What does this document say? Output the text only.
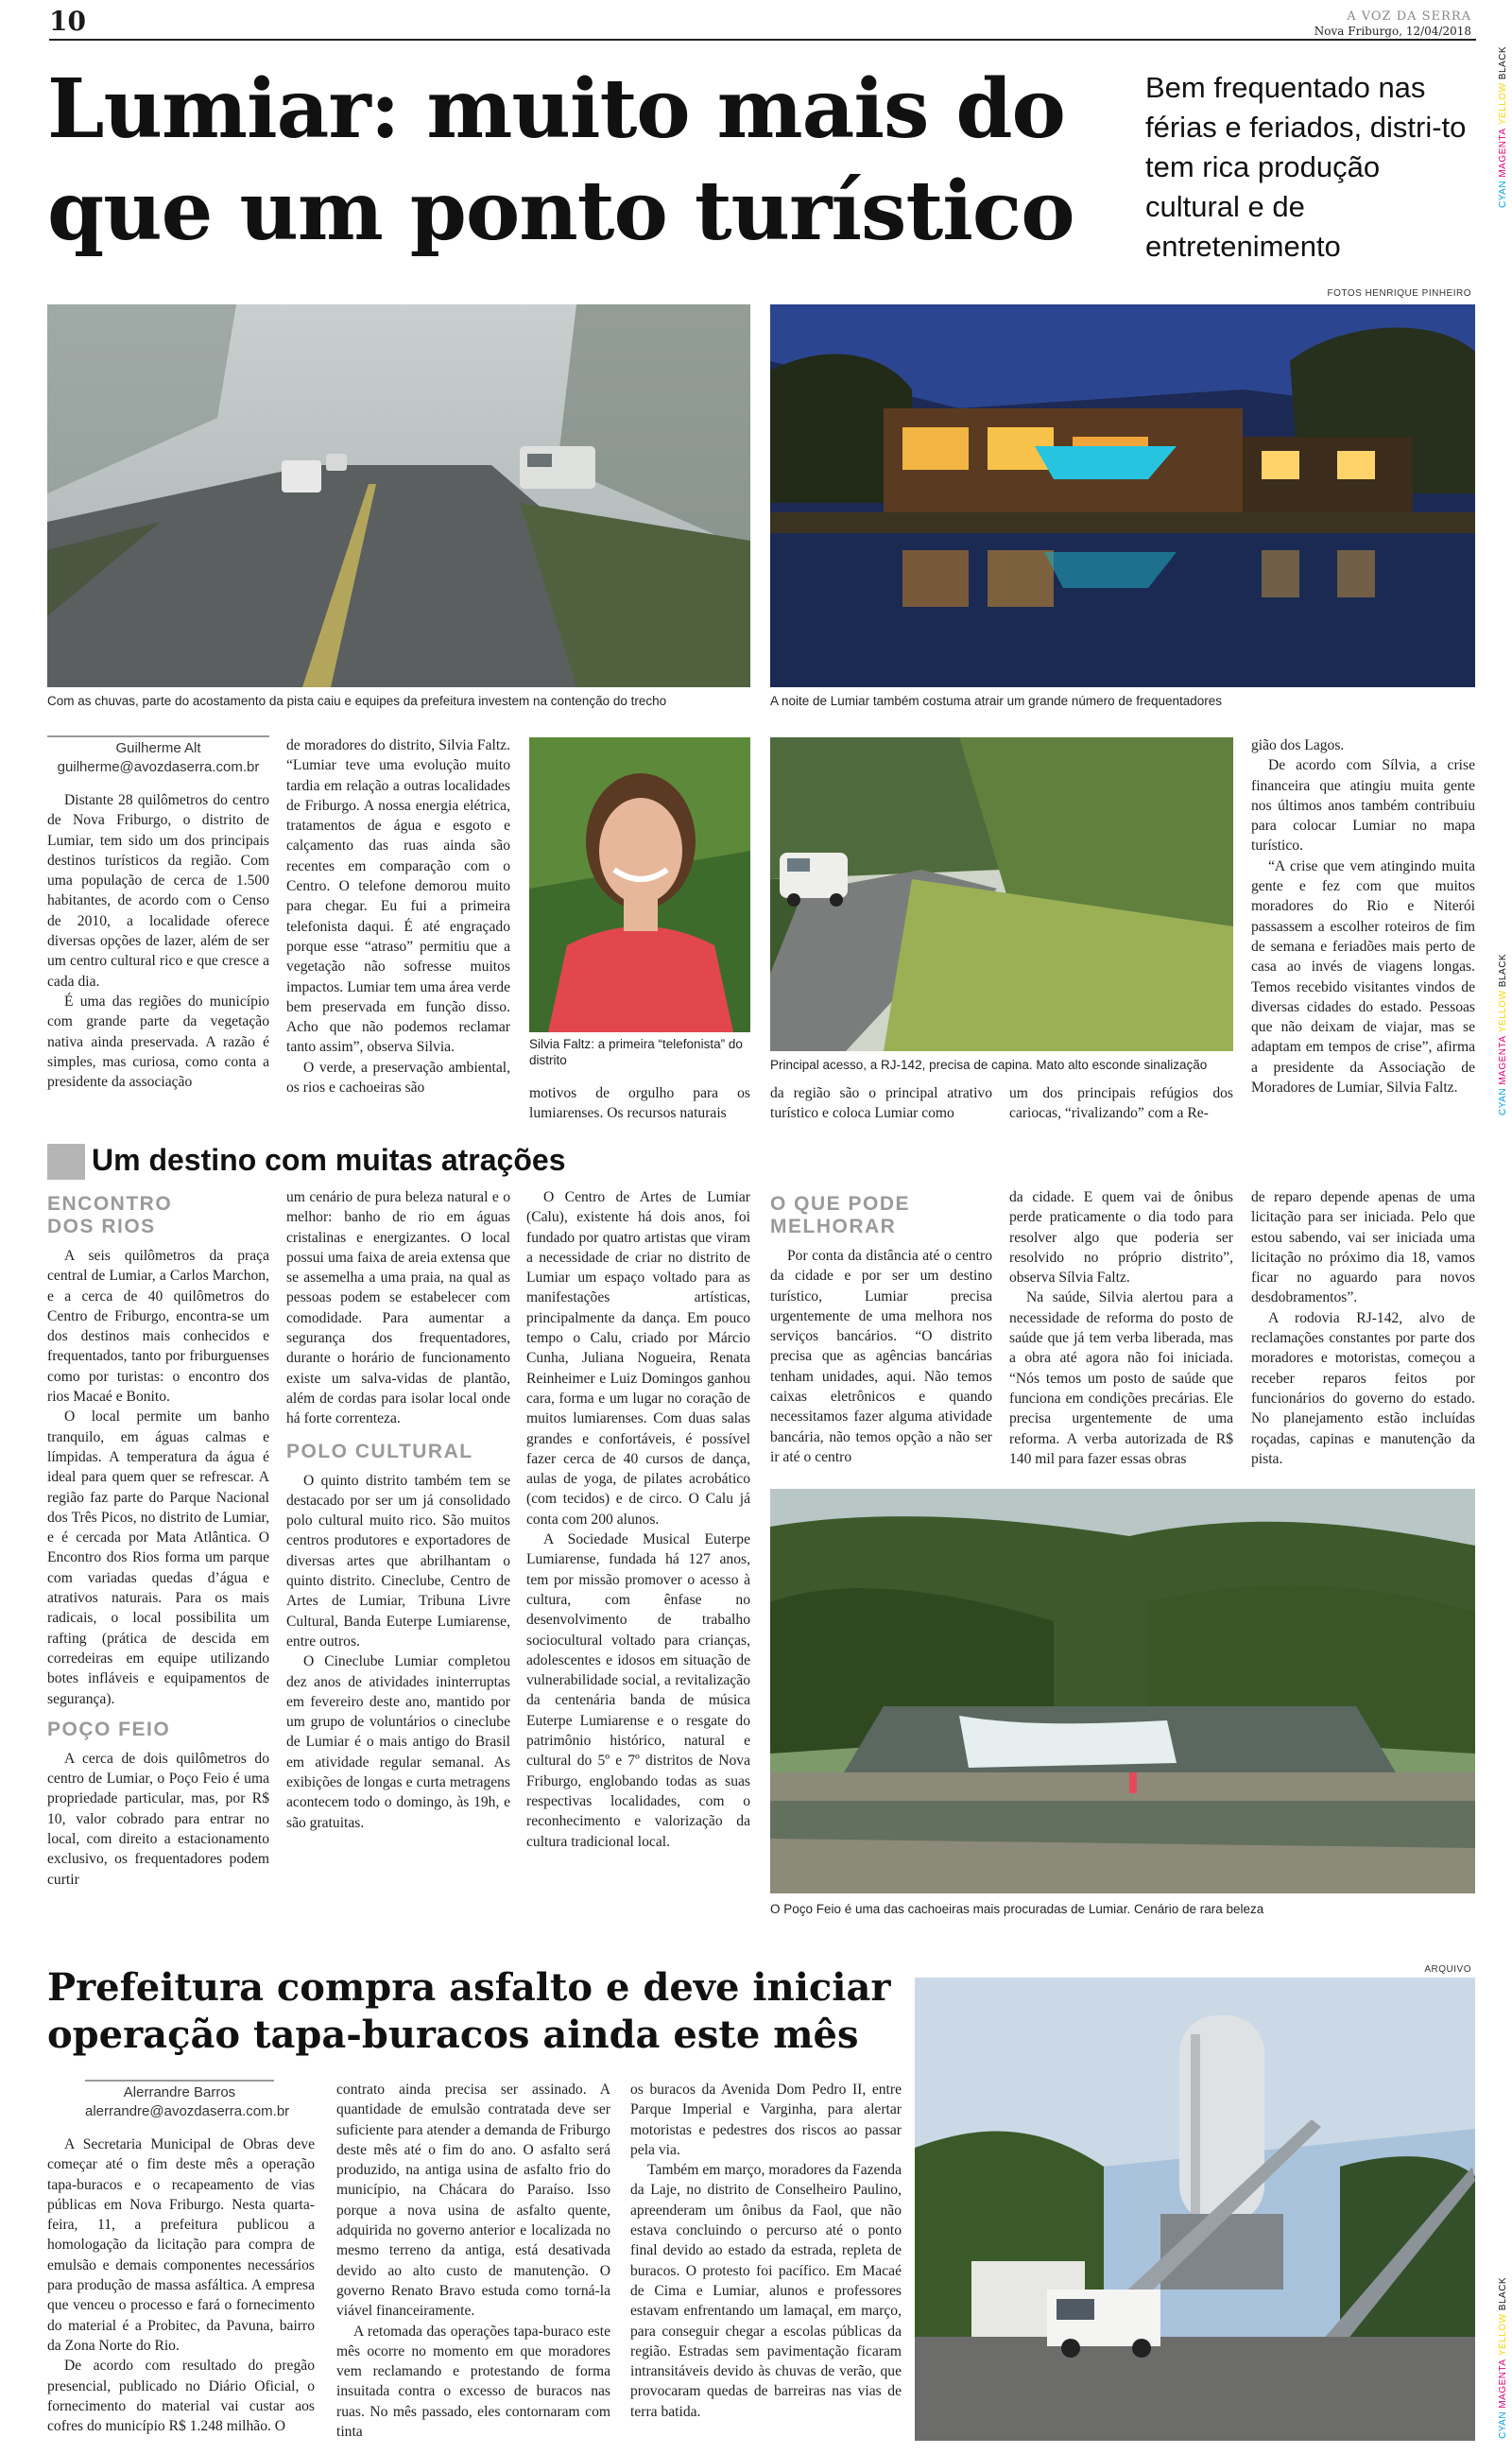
10	A VOZ DA SERRA
Nova Friburgo, 12/04/2018
CYAN MAGENTA YELLOW BLACK
CYAN MAGENTA YELLOW BLACK
CYAN MAGENTA YELLOW BLACK
Lumiar: muito mais do
que um ponto turístico
Bem frequentado nas férias e feriados, distri-to tem rica produção cultural e de entretenimento
FOTOS HENRIQUE PINHEIRO
Com as chuvas, parte do acostamento da pista caiu e equipes da prefeitura investem na contenção do trecho	A noite de Lumiar também costuma atrair um grande número de frequentadores
Guilherme Alt
guilherme@avozdaserra.com.br

Distante 28 quilômetros do centro de Nova Friburgo, o distrito de Lumiar, tem sido um dos principais destinos turísticos da região. Com uma população de cerca de 1.500 habitantes, de acordo com o Censo de 2010, a localidade oferece diversas opções de lazer, além de ser um centro cultural rico e que cresce a cada dia.

É uma das regiões do município com grande parte da vegetação nativa ainda preservada. A razão é simples, mas curiosa, como conta a presidente da associação

de moradores do distrito, Silvia Faltz. “Lumiar teve uma evolução muito tardia em relação a outras localidades de Friburgo. A nossa energia elétrica, tratamentos de água e esgoto e calçamento das ruas ainda são recentes em comparação com o Centro. O telefone demorou muito para chegar. Eu fui a primeira telefonista daqui. É até engraçado porque esse “atraso” permitiu que a vegetação não sofresse muitos impactos. Lumiar tem uma área verde bem preservada em função disso. Acho que não podemos reclamar tanto assim”, observa Silvia.

O verde, a preservação ambiental, os rios e cachoeiras são

Silvia Faltz: a primeira “telefonista” do distrito

motivos de orgulho para os lumiarenses. Os recursos naturais

Principal acesso, a RJ-142, precisa de capina. Mato alto esconde sinalização

da região são o principal atrativo turístico e coloca Lumiar como

um dos principais refúgios dos cariocas, “rivalizando” com a Re-

gião dos Lagos.

De acordo com Sílvia, a crise financeira que atingiu muita gente nos últimos anos também contribuiu para colocar Lumiar no mapa turístico.

“A crise que vem atingindo muita gente e fez com que muitos moradores do Rio e Niterói passassem a escolher roteiros de fim de semana e feriadões mais perto de casa ao invés de viagens longas. Temos recebido visitantes vindos de diversas cidades do estado. Pessoas que não deixam de viajar, mas se adaptam em tempos de crise”, afirma a presidente da Associação de Moradores de Lumiar, Silvia Faltz.

Um destino com muitas atrações
ENCONTRO DOS RIOS

A seis quilômetros da praça central de Lumiar, a Carlos Marchon, e a cerca de 40 quilômetros do Centro de Friburgo, encontra-se um dos destinos mais conhecidos e frequentados, tanto por friburguenses como por turistas: o encontro dos rios Macaé e Bonito.

O local permite um banho tranquilo, em águas calmas e límpidas. A temperatura da água é ideal para quem quer se refrescar. A região faz parte do Parque Nacional dos Três Picos, no distrito de Lumiar, e é cercada por Mata Atlântica. O Encontro dos Rios forma um parque com variadas quedas d’água e atrativos naturais. Para os mais radicais, o local possibilita um rafting (prática de descida em corredeiras em equipe utilizando botes infláveis e equipamentos de segurança).

POÇO FEIO

A cerca de dois quilômetros do centro de Lumiar, o Poço Feio é uma propriedade particular, mas, por R$ 10, valor cobrado para entrar no local, com direito a estacionamento exclusivo, os frequentadores podem curtir

um cenário de pura beleza natural e o melhor: banho de rio em águas cristalinas e energizantes. O local possui uma faixa de areia extensa que se assemelha a uma praia, na qual as pessoas podem se estabelecer com comodidade. Para aumentar a segurança dos frequentadores, durante o horário de funcionamento existe um salva-vidas de plantão, além de cordas para isolar local onde há forte correnteza.

POLO CULTURAL

O quinto distrito também tem se destacado por ser um já consolidado polo cultural muito rico. São muitos centros produtores e exportadores de diversas artes que abrilhantam o quinto distrito. Cineclube, Centro de Artes de Lumiar, Tribuna Livre Cultural, Banda Euterpe Lumiarense, entre outros.

O Cineclube Lumiar completou dez anos de atividades ininterruptas em fevereiro deste ano, mantido por um grupo de voluntários o cineclube de Lumiar é o mais antigo do Brasil em atividade regular semanal. As exibições de longas e curta metragens acontecem todo o domingo, às 19h, e são gratuitas.

O Centro de Artes de Lumiar (Calu), existente há dois anos, foi fundado por quatro artistas que viram a necessidade de criar no distrito de Lumiar um espaço voltado para as manifestações artísticas, principalmente da dança. Em pouco tempo o Calu, criado por Márcio Cunha, Juliana Nogueira, Renata Reinheimer e Luiz Domingos ganhou cara, forma e um lugar no coração de muitos lumiarenses. Com duas salas grandes e confortáveis, é possível fazer cerca de 40 cursos de dança, aulas de yoga, de pilates acrobático (com tecidos) e de circo. O Calu já conta com 200 alunos.

A Sociedade Musical Euterpe Lumiarense, fundada há 127 anos, tem por missão promover o acesso à cultura, com ênfase no desenvolvimento de trabalho sociocultural voltado para crianças, adolescentes e idosos em situação de vulnerabilidade social, a revitalização da centenária banda de música Euterpe Lumiarense e o resgate do patrimônio histórico, natural e cultural do 5º e 7º distritos de Nova Friburgo, englobando todas as suas respectivas localidades, com o reconhecimento e valorização da cultura tradicional local.

O QUE PODE MELHORAR

Por conta da distância até o centro da cidade e por ser um destino turístico, Lumiar precisa urgentemente de uma melhora nos serviços bancários. “O distrito precisa que as agências bancárias tenham unidades, aqui. Não temos caixas eletrônicos e quando necessitamos fazer alguma atividade bancária, não temos opção a não ser ir até o centro

da cidade. E quem vai de ônibus perde praticamente o dia todo para resolver algo que poderia ser resolvido no próprio distrito”, observa Sílvia Faltz.

Na saúde, Silvia alertou para a necessidade de reforma do posto de saúde que já tem verba liberada, mas a obra até agora não foi iniciada. “Nós temos um posto de saúde que funciona em condições precárias. Ele precisa urgentemente de uma reforma. A verba autorizada de R$ 140 mil para fazer essas obras

de reparo depende apenas de uma licitação para ser iniciada. Pelo que estou sabendo, vai ser iniciada uma licitação no próximo dia 18, vamos ficar no aguardo para novos desdobramentos”.

A rodovia RJ-142, alvo de reclamações constantes por parte dos moradores e motoristas, começou a receber reparos feitos por funcionários do governo do estado. No planejamento estão incluídas roçadas, capinas e manutenção da pista.

O Poço Feio é uma das cachoeiras mais procuradas de Lumiar. Cenário de rara beleza
Prefeitura compra asfalto e deve iniciar
operação tapa-buracos ainda este mês
ARQUIVO
Alerrandre Barros
alerrandre@avozdaserra.com.br

A Secretaria Municipal de Obras deve começar até o fim deste mês a operação tapa-buracos e o recapeamento de vias públicas em Nova Friburgo. Nesta quarta-feira, 11, a prefeitura publicou a homologação da licitação para compra de emulsão e demais componentes necessários para produção de massa asfáltica. A empresa que venceu o processo e fará o fornecimento do material é a Probitec, da Pavuna, bairro da Zona Norte do Rio.

De acordo com resultado do pregão presencial, publicado no Diário Oficial, o fornecimento do material vai custar aos cofres do município R$ 1.248 milhão. O

contrato ainda precisa ser assinado. A quantidade de emulsão contratada deve ser suficiente para atender a demanda de Friburgo deste mês até o fim do ano. O asfalto será produzido, na antiga usina de asfalto frio do município, na Chácara do Paraíso. Isso porque a nova usina de asfalto quente, adquirida no governo anterior e localizada no mesmo terreno da antiga, está desativada devido ao alto custo de manutenção. O governo Renato Bravo estuda como torná-la viável financeiramente.

A retomada das operações tapa-buraco este mês ocorre no momento em que moradores vem reclamando e protestando de forma insuitada contra o excesso de buracos nas ruas. No mês passado, eles contornaram com tinta

os buracos da Avenida Dom Pedro II, entre Parque Imperial e Varginha, para alertar motoristas e pedestres dos riscos ao passar pela via.

Também em março, moradores da Fazenda da Laje, no distrito de Conselheiro Paulino, apreenderam um ônibus da Faol, que não estava concluindo o percurso até o ponto final devido ao estado da estrada, repleta de buracos. O protesto foi pacífico. Em Macaé de Cima e Lumiar, alunos e professores estavam enfrentando um lamaçal, em março, para conseguir chegar a escolas públicas da região. Estradas sem pavimentação ficaram intransitáveis devido às chuvas de verão, que provocaram quedas de barreiras nas vias de terra batida.
